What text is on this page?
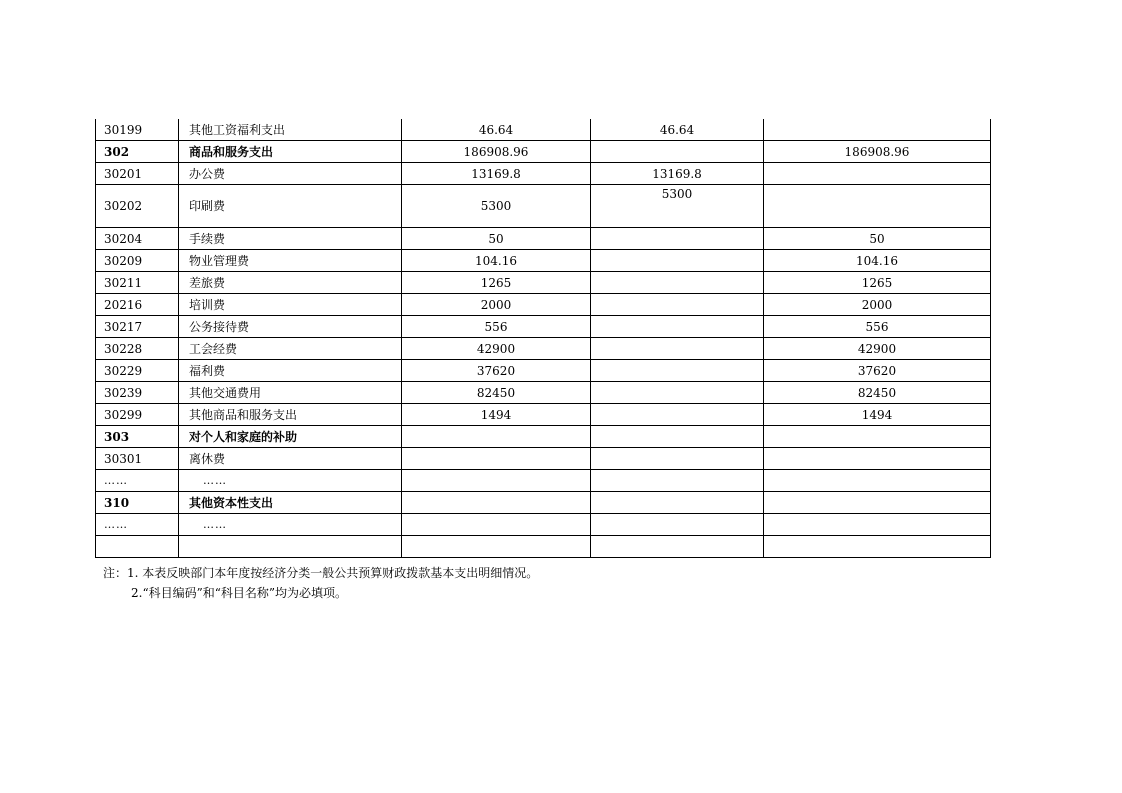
30199	其他工资福利支出	46.64	46.64	
302	商品和服务支出	186908.96		186908.96
30201	办公费	13169.8	13169.8	
30202	印刷费	5300	5300	
30204	手续费	50		50
30209	物业管理费	104.16		104.16
30211	差旅费	1265		1265
20216	培训费	2000		2000
30217	公务接待费	556		556
30228	工会经费	42900		42900
30229	福利费	37620		37620
30239	其他交通费用	82450		82450
30299	其他商品和服务支出	1494		1494
303	对个人和家庭的补助			
30301	离休费			
……	……			
310	其他资本性支出			
……	……			

注：1. 本表反映部门本年度按经济分类一般公共预算财政拨款基本支出明细情况。
2.“科目编码”和“科目名称”均为必填项。
